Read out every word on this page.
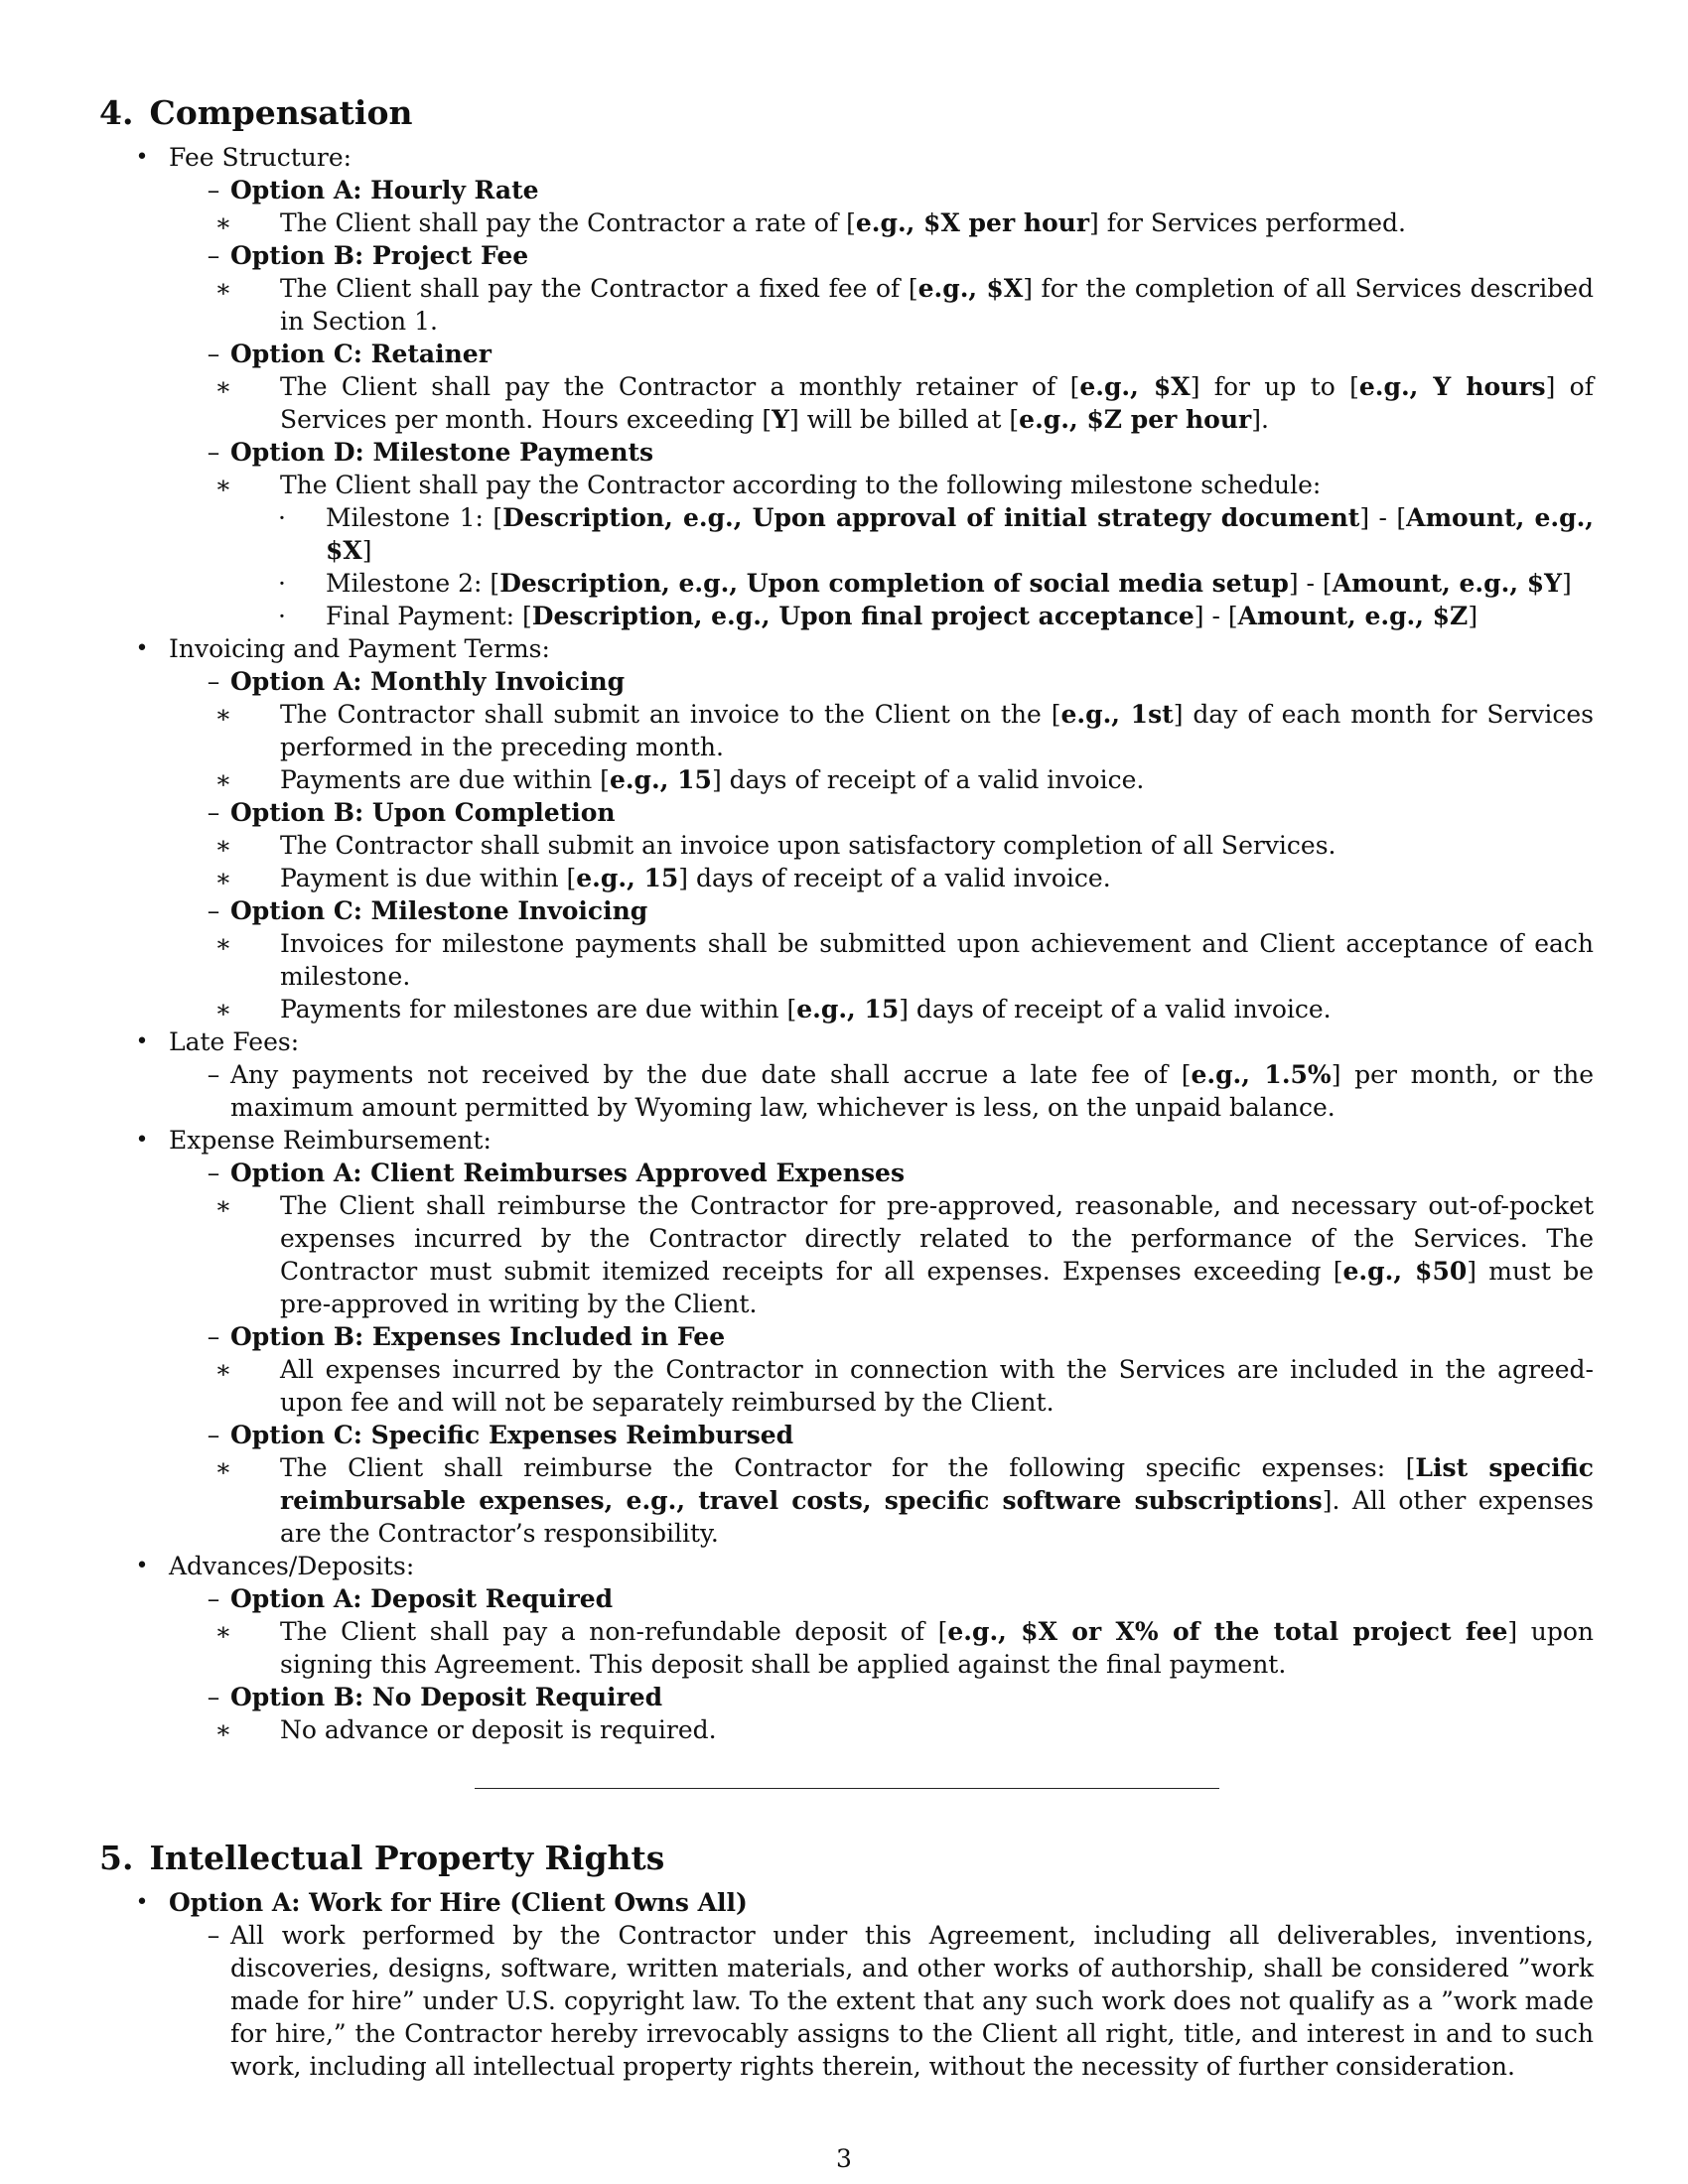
4. Compensation
• Fee Structure:

– Option A: Hourly Rate

∗ The Client shall pay the Contractor a rate of [e.g., $X per hour] for Services performed.

– Option B: Project Fee

∗ The Client shall pay the Contractor a fixed fee of [e.g., $X] for the completion of all Services described in Section 1.

– Option C: Retainer

∗ The Client shall pay the Contractor a monthly retainer of [e.g., $X] for up to [e.g., Y hours] of Services per month. Hours exceeding [Y] will be billed at [e.g., $Z per hour].

– Option D: Milestone Payments

∗ The Client shall pay the Contractor according to the following milestone schedule:

· Milestone 1: [Description, e.g., Upon approval of initial strategy document] - [Amount, e.g., $X]

· Milestone 2: [Description, e.g., Upon completion of social media setup] - [Amount, e.g., $Y]

· Final Payment: [Description, e.g., Upon final project acceptance] - [Amount, e.g., $Z]

• Invoicing and Payment Terms:

– Option A: Monthly Invoicing

∗ The Contractor shall submit an invoice to the Client on the [e.g., 1st] day of each month for Services performed in the preceding month.

∗ Payments are due within [e.g., 15] days of receipt of a valid invoice.

– Option B: Upon Completion

∗ The Contractor shall submit an invoice upon satisfactory completion of all Services.

∗ Payment is due within [e.g., 15] days of receipt of a valid invoice.

– Option C: Milestone Invoicing

∗ Invoices for milestone payments shall be submitted upon achievement and Client acceptance of each milestone.

∗ Payments for milestones are due within [e.g., 15] days of receipt of a valid invoice.

• Late Fees:

– Any payments not received by the due date shall accrue a late fee of [e.g., 1.5%] per month, or the maximum amount permitted by Wyoming law, whichever is less, on the unpaid balance.

• Expense Reimbursement:

– Option A: Client Reimburses Approved Expenses

∗ The Client shall reimburse the Contractor for pre-approved, reasonable, and necessary out-of-pocket expenses incurred by the Contractor directly related to the performance of the Services. The Contractor must submit itemized receipts for all expenses. Expenses exceeding [e.g., $50] must be pre-approved in writing by the Client.

– Option B: Expenses Included in Fee

∗ All expenses incurred by the Contractor in connection with the Services are included in the agreed-upon fee and will not be separately reimbursed by the Client.

– Option C: Specific Expenses Reimbursed

∗ The Client shall reimburse the Contractor for the following specific expenses: [List specific reimbursable expenses, e.g., travel costs, specific software subscriptions]. All other expenses are the Contractor’s responsibility.

• Advances/Deposits:

– Option A: Deposit Required

∗ The Client shall pay a non-refundable deposit of [e.g., $X or X% of the total project fee] upon signing this Agreement. This deposit shall be applied against the final payment.

– Option B: No Deposit Required

∗ No advance or deposit is required.

5. Intellectual Property Rights
• Option A: Work for Hire (Client Owns All)

– All work performed by the Contractor under this Agreement, including all deliverables, inventions, discoveries, designs, software, written materials, and other works of authorship, shall be considered ”work made for hire” under U.S. copyright law. To the extent that any such work does not qualify as a ”work made for hire,” the Contractor hereby irrevocably assigns to the Client all right, title, and interest in and to such work, including all intellectual property rights therein, without the necessity of further consideration.

3
